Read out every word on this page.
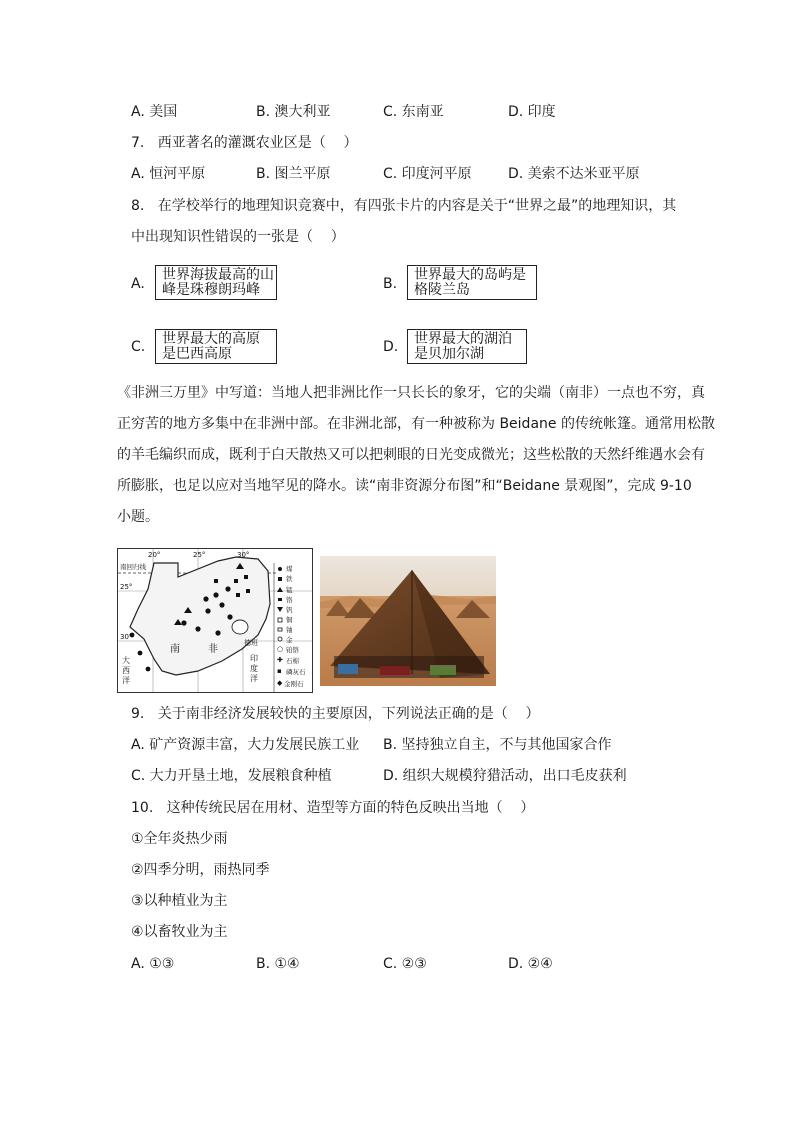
A. 美国	B. 澳大利亚	C. 东南亚	D. 印度
7.   西亚著名的灌溉农业区是（    ）
A. 恒河平原	B. 图兰平原	C. 印度河平原	D. 美索不达米亚平原
8.   在学校举行的地理知识竞赛中，有四张卡片的内容是关于“世界之最”的地理知识，其
中出现知识性错误的一张是（    ）
A.
世界海拔最高的山
峰是珠穆朗玛峰	B.
世界最大的岛屿是
格陵兰岛
C. 世界最大的高原
是巴西高原	D. 世界最大的湖泊
是贝加尔湖
《非洲三万里》中写道：当地人把非洲比作一只长长的象牙，它的尖端（南非）一点也不穷，真
正穷苦的地方多集中在非洲中部。在非洲北部，有一种被称为 Beidane 的传统帐篷。通常用松散
的羊毛编织而成，既利于白天散热又可以把刺眼的日光变成微光；这些松散的天然纤维遇水会有
所膨胀，也足以应对当地罕见的降水。读“南非资源分布图”和“Beidane 景观图”，完成 9-10
小题。
20°	25°	30°
25°
30°
南回归线
德班
南	非
大
西
洋
印
度
洋
○
✚
▪
◆
煤
铁
锰
铬
钒
铜
铀
金
铂铬
石棉
磷灰石
金刚石
9.   关于南非经济发展较快的主要原因，下列说法正确的是（    ）
A. 矿产资源丰富，大力发展民族工业 B. 坚持独立自主，不与其他国家合作
C. 大力开垦土地，发展粮食种植	D. 组织大规模狩猎活动，出口毛皮获利
10.   这种传统民居在用材、造型等方面的特色反映出当地（    ）
①全年炎热少雨
②四季分明，雨热同季
③以种植业为主
④以畜牧业为主
A. ①③	B. ①④	C. ②③	D. ②④
